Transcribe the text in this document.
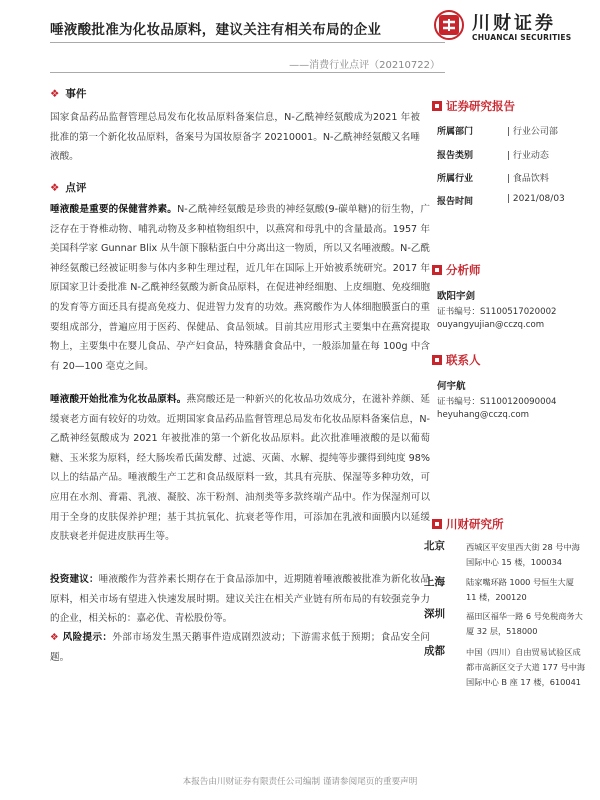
唾液酸批准为化妆品原料，建议关注有相关布局的企业
——消费行业点评（20210722）
川财证券
CHUANCAI SECURITIES
❖ 事件
国家食品药品监督管理总局发布化妆品原料备案信息，N-乙酰神经氨酸成为2021 年被批准的第一个新化妆品原料，备案号为国妆原备字 20210001。N-乙酰神经氨酸又名唾液酸。
❖ 点评
唾液酸是重要的保健营养素。N-乙酰神经氨酸是珍贵的神经氨酸(9-碳单糖)的衍生物，广泛存在于脊椎动物、哺乳动物及多种植物组织中，以燕窝和母乳中的含量最高。1957 年美国科学家 Gunnar Blix 从牛颌下腺粘蛋白中分离出这一物质，所以又名唾液酸。N-乙酰神经氨酸已经被证明参与体内多种生理过程，近几年在国际上开始被系统研究。2017 年原国家卫计委批准 N-乙酰神经氨酸为新食品原料，在促进神经细胞、上皮细胞、免疫细胞的发育等方面还具有提高免疫力、促进智力发育的功效。燕窝酸作为人体细胞膜蛋白的重要组成部分，普遍应用于医药、保健品、食品领域。目前其应用形式主要集中在燕窝提取物上，主要集中在婴儿食品、孕产妇食品，特殊膳食食品中，一般添加量在每 100g 中含有 20—100 毫克之间。
唾液酸开始批准为化妆品原料。燕窝酸还是一种新兴的化妆品功效成分，在滋补养颜、延缓衰老方面有较好的功效。近期国家食品药品监督管理总局发布化妆品原料备案信息，N-乙酰神经氨酸成为 2021 年被批准的第一个新化妆品原料。此次批准唾液酸的是以葡萄糖、玉米浆为原料，经大肠埃希氏菌发酵、过滤、灭菌、水解、提纯等步骤得到纯度 98%以上的结晶产品。唾液酸生产工艺和食品级原料一致，其具有亮肤、保湿等多种功效，可应用在水剂、膏霜、乳液、凝胶、冻干粉剂、油剂类等多款终端产品中。作为保湿剂可以用于全身的皮肤保养护理；基于其抗氧化、抗衰老等作用，可添加在乳液和面膜内以延缓皮肤衰老并促进皮肤再生等。
投资建议：唾液酸作为营养素长期存在于食品添加中，近期随着唾液酸被批准为新化妆品原料，相关市场有望进入快速发展时期。建议关注在相关产业链有所布局的有较强竞争力的企业，相关标的：嘉必优、青松股份等。
❖ 风险提示：外部市场发生黑天鹅事件造成剧烈波动；下游需求低于预期；食品安全问题。
证券研究报告
所属部门	| 行业公司部
报告类别	| 行业动态
所属行业	| 食品饮料
报告时间	| 2021/08/03
分析师
欧阳宇剑
证书编号：S1100517020002
ouyangyujian@cczq.com
联系人
何宇航
证书编号：S1100120090004
heyuhang@cczq.com
川财研究所
北京	西城区平安里西大街 28 号中海国际中心 15 楼，100034
上海	陆家嘴环路 1000 号恒生大厦 11 楼，200120
深圳	福田区福华一路 6 号免税商务大厦 32 层，518000
成都	中国（四川）自由贸易试验区成都市高新区交子大道 177 号中海国际中心 B 座 17 楼，610041
本报告由川财证券有限责任公司编制 谨请参阅尾页的重要声明
